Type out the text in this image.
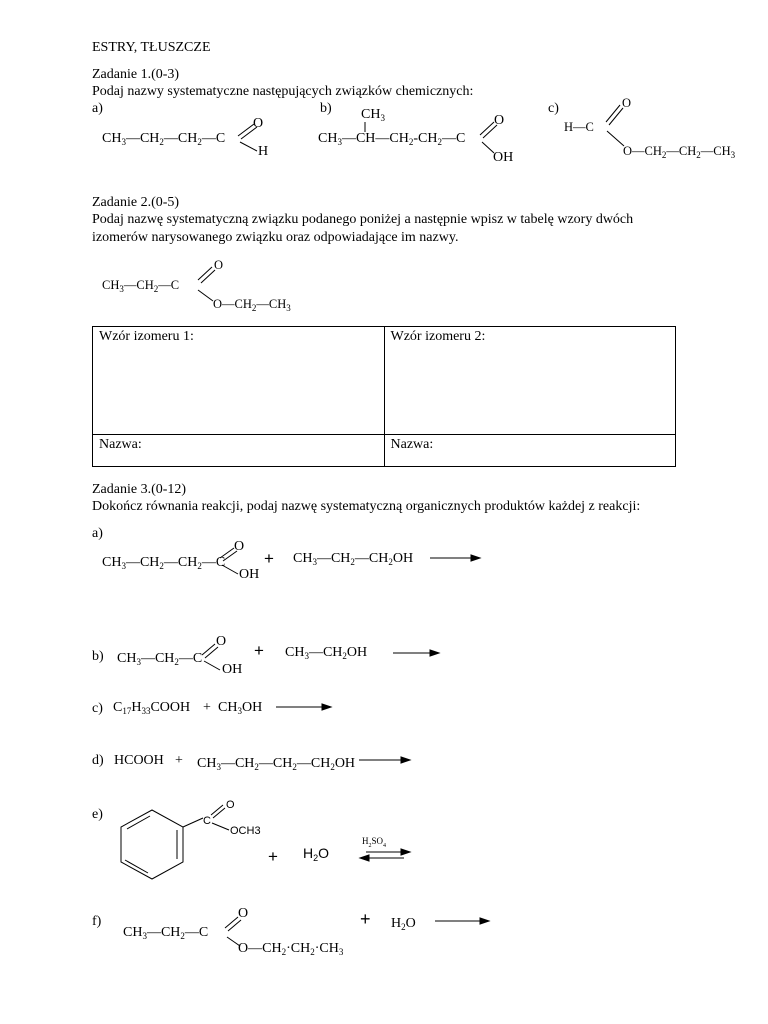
ESTRY, TŁUSZCZE
Zadanie 1.(0-3)
Podaj nazwy systematyczne następujących związków chemicznych:
a)	b)	c)
$CH_3—CH_2—CH_2—C$
O
H
$CH_3$
$CH_3—CH—CH_2-CH_2—C$
O
OH
H—C
O
$O—CH_2—CH_2—CH_3$
Zadanie 2.(0-5)
Podaj nazwę systematyczną związku podanego poniżej a następnie wpisz w tabelę wzory dwóch
izomerów narysowanego związku oraz odpowiadające im nazwy.
$CH_3—CH_2—C$
O
$O—CH_2—CH_3$
Wzór izomeru 1:	Wzór izomeru 2:
Nazwa:	Nazwa:
Zadanie 3.(0-12)
Dokończ równania reakcji, podaj nazwę systematyczną organicznych produktów każdej z reakcji:
a)
$CH_3—CH_2—CH_2—C$
O
OH
+ $CH_3—CH_2—CH_2OH$
b) $CH_3—CH_2—C$
O
OH
+ $CH_3—CH_2OH$
c) $C_{17}H_{33}COOH + CH_3OH$
d) HCOOH + $CH_3—CH_2—CH_2—CH_2OH$
e)	C
O
OCH3
+ $H_2O$
$H_2SO_4$
f)
$CH_3—CH_2—C$
O
$O—CH_2\cdot CH_2\cdot CH_3$
+ $H_2O$
